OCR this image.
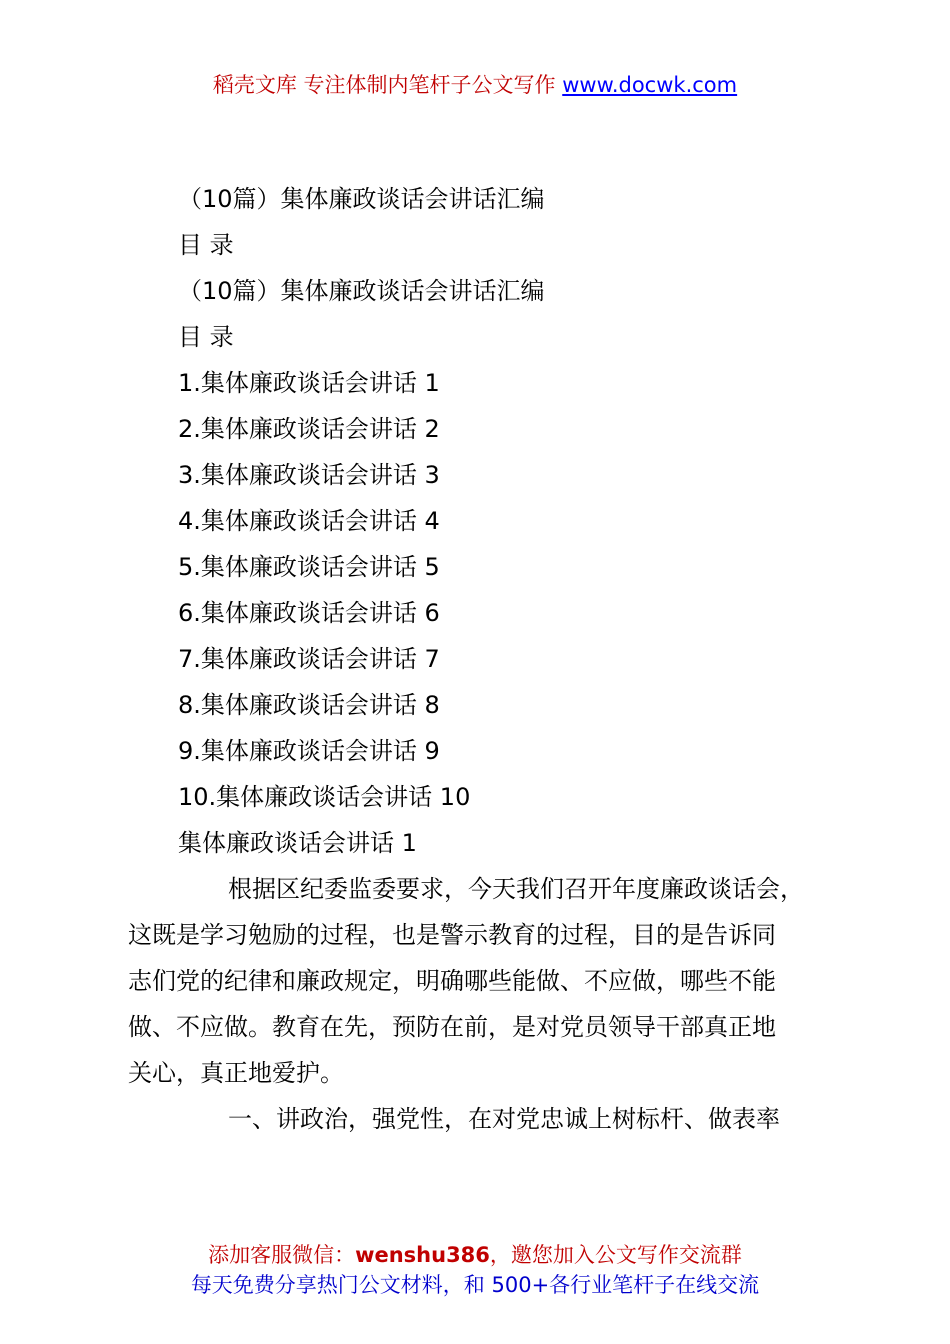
稻壳文库 专注体制内笔杆子公文写作 www.docwk.com
（10篇）集体廉政谈话会讲话汇编
目 录
（10篇）集体廉政谈话会讲话汇编
目 录
1.集体廉政谈话会讲话 1
2.集体廉政谈话会讲话 2
3.集体廉政谈话会讲话 3
4.集体廉政谈话会讲话 4
5.集体廉政谈话会讲话 5
6.集体廉政谈话会讲话 6
7.集体廉政谈话会讲话 7
8.集体廉政谈话会讲话 8
9.集体廉政谈话会讲话 9
10.集体廉政谈话会讲话 10
集体廉政谈话会讲话 1
根据区纪委监委要求，今天我们召开年度廉政谈话会，
这既是学习勉励的过程，也是警示教育的过程，目的是告诉同
志们党的纪律和廉政规定，明确哪些能做、不应做，哪些不能
做、不应做。教育在先，预防在前，是对党员领导干部真正地
关心，真正地爱护。
一、讲政治，强党性，在对党忠诚上树标杆、做表率
添加客服微信：wenshu386，邀您加入公文写作交流群
每天免费分享热门公文材料，和 500+各行业笔杆子在线交流
